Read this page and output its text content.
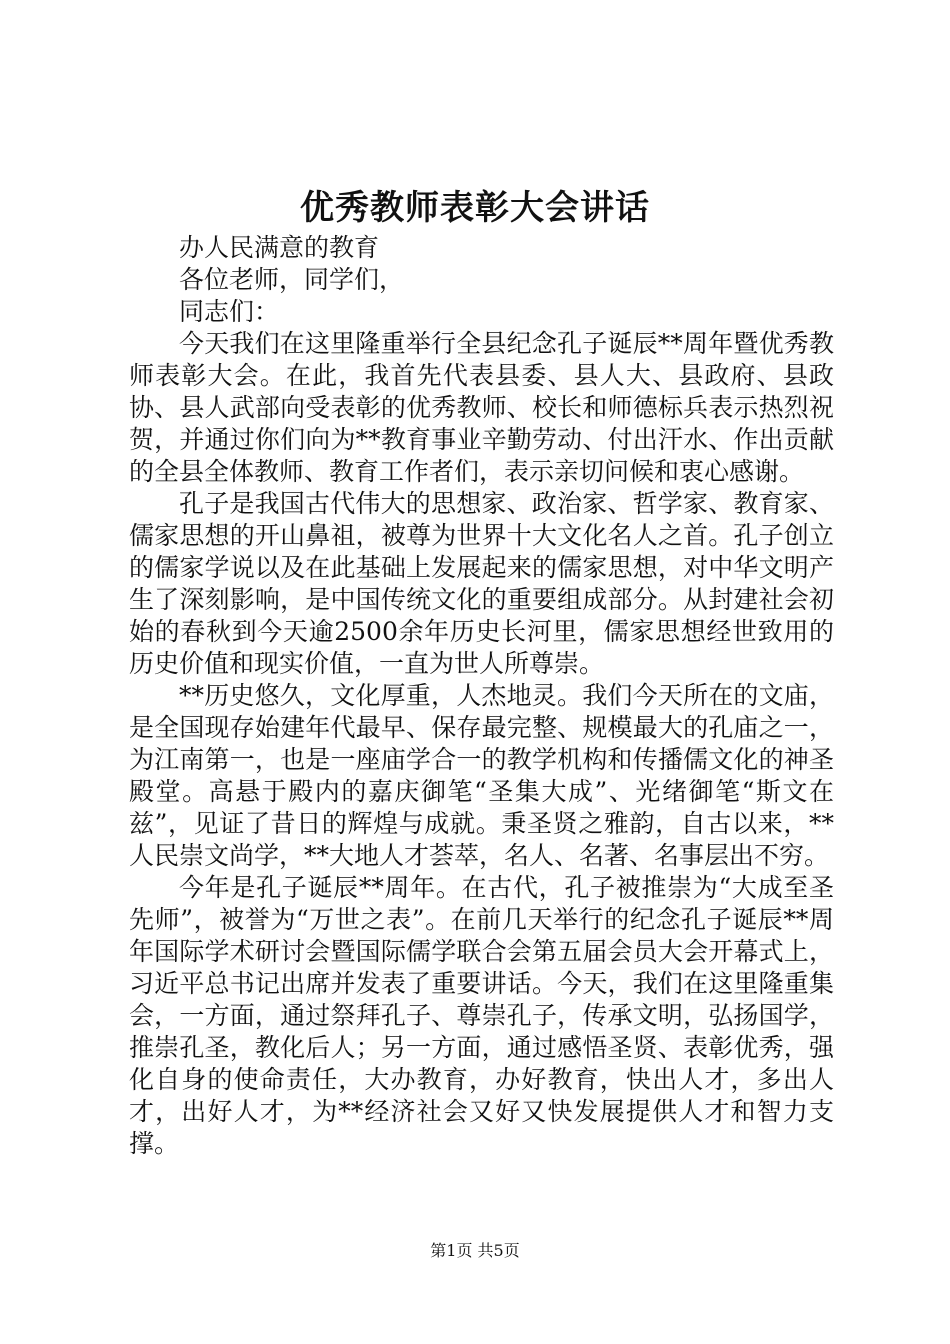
优秀教师表彰大会讲话

办人民满意的教育

各位老师，同学们，

同志们：

今天我们在这里隆重举行全县纪念孔子诞辰**周年暨优秀教师表彰大会。在此，我首先代表县委、县人大、县政府、县政协、县人武部向受表彰的优秀教师、校长和师德标兵表示热烈祝贺，并通过你们向为**教育事业辛勤劳动、付出汗水、作出贡献的全县全体教师、教育工作者们，表示亲切问候和衷心感谢。

孔子是我国古代伟大的思想家、政治家、哲学家、教育家、儒家思想的开山鼻祖，被尊为世界十大文化名人之首。孔子创立的儒家学说以及在此基础上发展起来的儒家思想，对中华文明产生了深刻影响，是中国传统文化的重要组成部分。从封建社会初始的春秋到今天逾2500余年历史长河里，儒家思想经世致用的历史价值和现实价值，一直为世人所尊崇。

**历史悠久，文化厚重，人杰地灵。我们今天所在的文庙，是全国现存始建年代最早、保存最完整、规模最大的孔庙之一，为江南第一，也是一座庙学合一的教学机构和传播儒文化的神圣殿堂。高悬于殿内的嘉庆御笔“圣集大成”、光绪御笔“斯文在兹”，见证了昔日的辉煌与成就。秉圣贤之雅韵，自古以来，**人民崇文尚学，**大地人才荟萃，名人、名著、名事层出不穷。

今年是孔子诞辰**周年。在古代，孔子被推崇为“大成至圣先师”，被誉为“万世之表”。在前几天举行的纪念孔子诞辰**周年国际学术研讨会暨国际儒学联合会第五届会员大会开幕式上，习近平总书记出席并发表了重要讲话。今天，我们在这里隆重集会，一方面，通过祭拜孔子、尊崇孔子，传承文明，弘扬国学，推崇孔圣，教化后人；另一方面，通过感悟圣贤、表彰优秀，强化自身的使命责任，大办教育，办好教育，快出人才，多出人才，出好人才，为**经济社会又好又快发展提供人才和智力支撑。

第1页 共5页
